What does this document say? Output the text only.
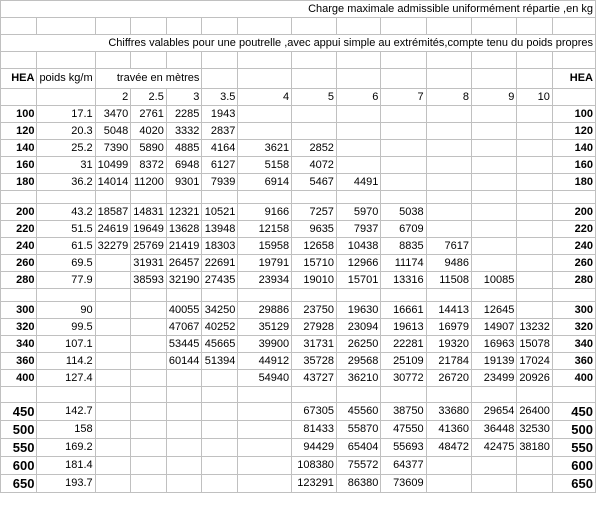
Charge maximale admissible uniformément répartie ,en kg													

Chiffres valables pour une poutrelle ,avec appui simple au extrémités,compte tenu du poids propres													

HEA	poids kg/m	travée en mètres											HEA
		2	2.5	3	3.5	4	5	6	7	8	9	10	
100	17.1	3470	2761	2285	1943								100
120	20.3	5048	4020	3332	2837								120
140	25.2	7390	5890	4885	4164	3621	2852						140
160	31	10499	8372	6948	6127	5158	4072						160
180	36.2	14014	11200	9301	7939	6914	5467	4491					180

200	43.2	18587	14831	12321	10521	9166	7257	5970	5038				200
220	51.5	24619	19649	13628	13948	12158	9635	7937	6709				220
240	61.5	32279	25769	21419	18303	15958	12658	10438	8835	7617			240
260	69.5		31931	26457	22691	19791	15710	12966	11174	9486			260
280	77.9		38593	32190	27435	23934	19010	15701	13316	11508	10085		280

300	90			40055	34250	29886	23750	19630	16661	14413	12645		300
320	99.5			47067	40252	35129	27928	23094	19613	16979	14907	13232	320
340	107.1			53445	45665	39900	31731	26250	22281	19320	16963	15078	340
360	114.2			60144	51394	44912	35728	29568	25109	21784	19139	17024	360
400	127.4					54940	43727	36210	30772	26720	23499	20926	400

450	142.7						67305	45560	38750	33680	29654	26400	450
500	158						81433	55870	47550	41360	36448	32530	500
550	169.2						94429	65404	55693	48472	42475	38180	550
600	181.4						108380	75572	64377				600
650	193.7						123291	86380	73609				650
